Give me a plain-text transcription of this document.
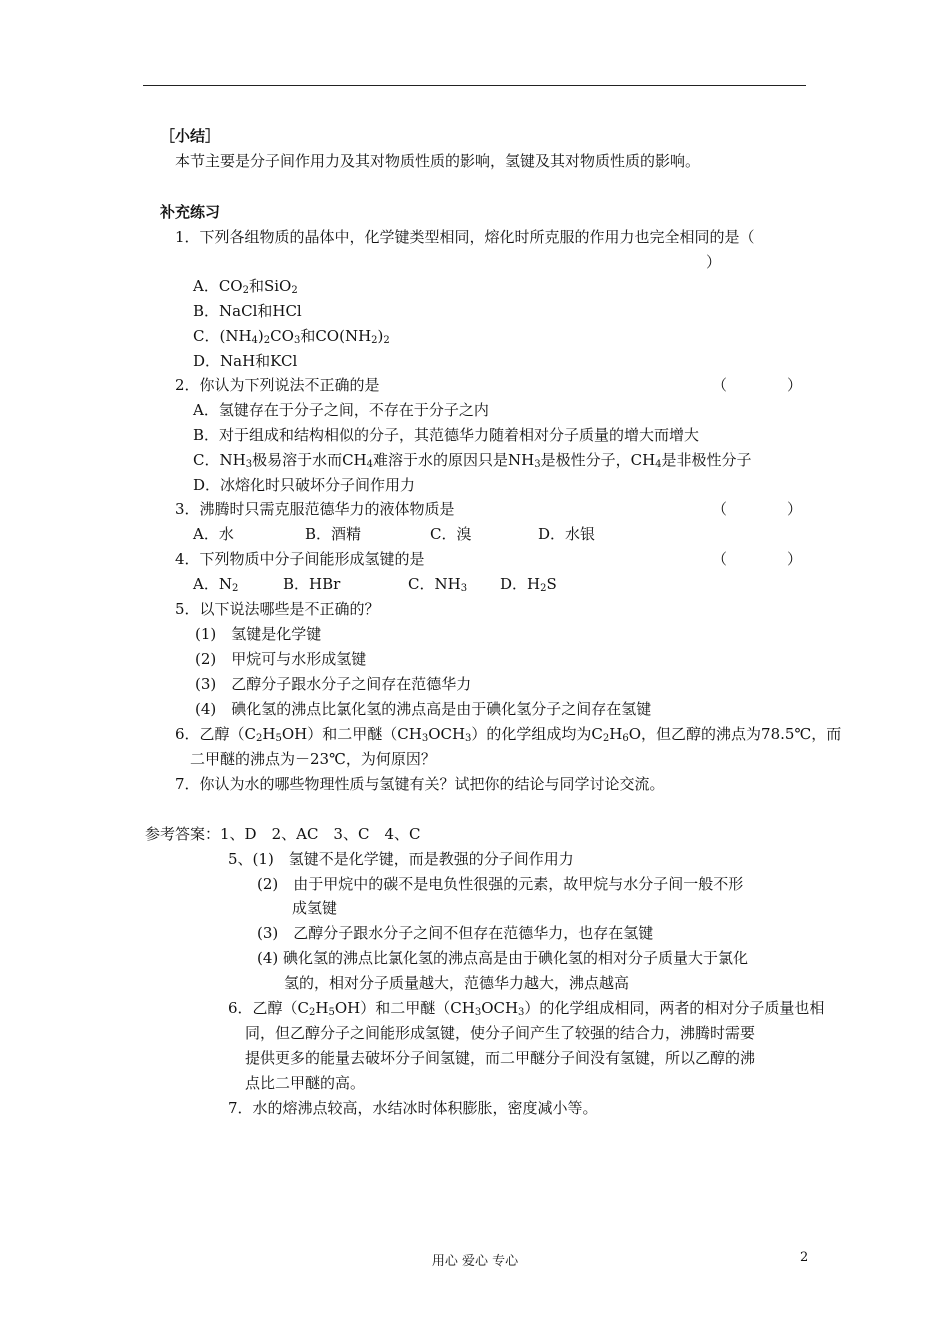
［小结］
本节主要是分子间作用力及其对物质性质的影响，氢键及其对物质性质的影响。
补充练习
1．下列各组物质的晶体中，化学键类型相同，熔化时所克服的作用力也完全相同的是（
）
A．$CO_2$和SiO$_2$
B．NaCl和HCl
C．$(NH_4)_2CO_3$和$CO(NH_2)_2$
D．NaH和KCl
2．你认为下列说法不正确的是	（　　　　）
A．氢键存在于分子之间，不存在于分子之内
B．对于组成和结构相似的分子，其范德华力随着相对分子质量的增大而增大
C．$NH_3$极易溶于水而$CH_4$难溶于水的原因只是$NH_3$是极性分子，$CH_4$是非极性分子
D．冰熔化时只破坏分子间作用力
3．沸腾时只需克服范德华力的液体物质是	（　　　　）
A．水	B．酒精	C．溴	D．水银
4．下列物质中分子间能形成氢键的是	（　　　　）
A．$N_2$	B．HBr	C．$NH_3$ D．$H_2S$
5．以下说法哪些是不正确的？
(1)　氢键是化学键
(2)　甲烷可与水形成氢键
(3)　乙醇分子跟水分子之间存在范德华力
(4)　碘化氢的沸点比氯化氢的沸点高是由于碘化氢分子之间存在氢键
6．乙醇$(C_2H_5OH)$和二甲醚$(CH_3OCH_3)$的化学组成均为$C_2H_6O$，但乙醇的沸点为78.5℃，而
二甲醚的沸点为－23℃，为何原因？
7．你认为水的哪些物理性质与氢键有关？试把你的结论与同学讨论交流。
参考答案：1、D　2、AC　3、C　4、C
5、(1)　氢键不是化学键，而是教强的分子间作用力
(2)　由于甲烷中的碳不是电负性很强的元素，故甲烷与水分子间一般不形
成氢键
(3)　乙醇分子跟水分子之间不但存在范德华力，也存在氢键
(4) 碘化氢的沸点比氯化氢的沸点高是由于碘化氢的相对分子质量大于氯化
氢的，相对分子质量越大，范德华力越大，沸点越高
6．乙醇$(C_2H_5OH)$和二甲醚$(CH_3OCH_3)$的化学组成相同，两者的相对分子质量也相
同，但乙醇分子之间能形成氢键，使分子间产生了较强的结合力，沸腾时需要
提供更多的能量去破坏分子间氢键，而二甲醚分子间没有氢键，所以乙醇的沸
点比二甲醚的高。
7．水的熔沸点较高，水结冰时体积膨胀，密度减小等。
用心 爱心 专心	2
